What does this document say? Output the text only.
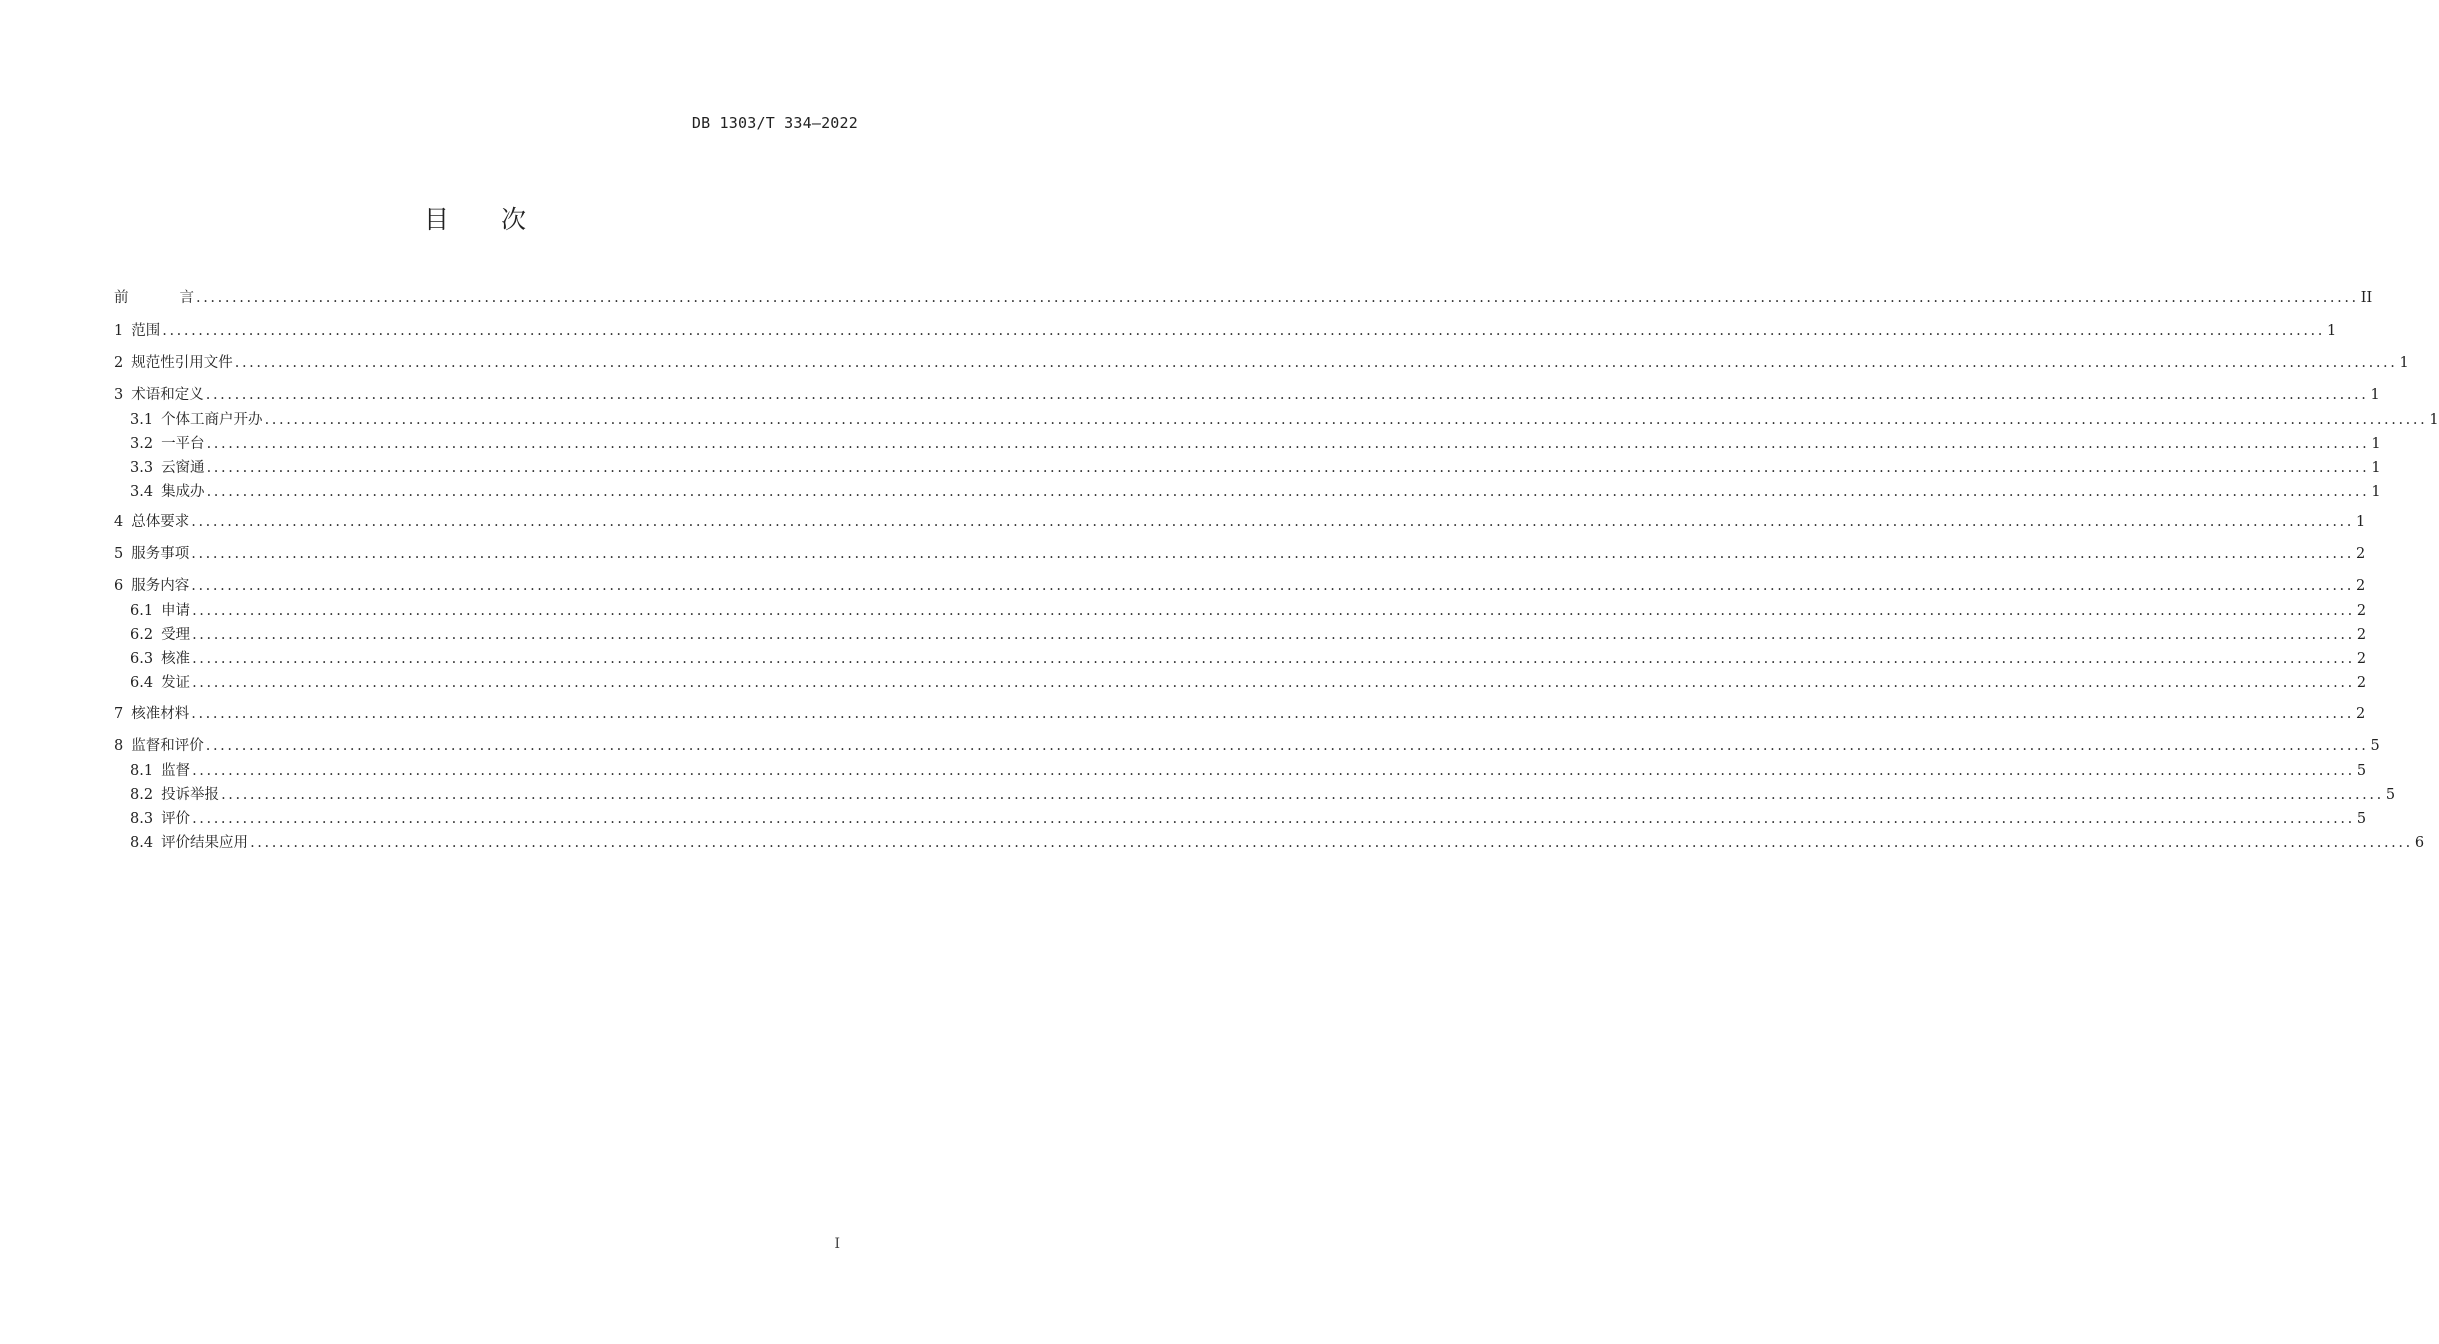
DB 1303/T 334—2022
目 次
前	言 ............................................................................................................................................................................................................................................................................................................ II
1 范围 ............................................................................................................................................................................................................................................................................................................ 1
2 规范性引用文件 ............................................................................................................................................................................................................................................................................................................ 1
3 术语和定义 ............................................................................................................................................................................................................................................................................................................ 1
3.1 个体工商户开办 ............................................................................................................................................................................................................................................................................................................ 1
3.2 一平台 ............................................................................................................................................................................................................................................................................................................ 1
3.3 云窗通 ............................................................................................................................................................................................................................................................................................................ 1
3.4 集成办 ............................................................................................................................................................................................................................................................................................................ 1
4 总体要求 ............................................................................................................................................................................................................................................................................................................ 1
5 服务事项 ............................................................................................................................................................................................................................................................................................................ 2
6 服务内容 ............................................................................................................................................................................................................................................................................................................ 2
6.1 申请 ............................................................................................................................................................................................................................................................................................................ 2
6.2 受理 ............................................................................................................................................................................................................................................................................................................ 2
6.3 核准 ............................................................................................................................................................................................................................................................................................................ 2
6.4 发证 ............................................................................................................................................................................................................................................................................................................ 2
7 核准材料 ............................................................................................................................................................................................................................................................................................................ 2
8 监督和评价 ............................................................................................................................................................................................................................................................................................................ 5
8.1 监督 ............................................................................................................................................................................................................................................................................................................ 5
8.2 投诉举报 ............................................................................................................................................................................................................................................................................................................ 5
8.3 评价 ............................................................................................................................................................................................................................................................................................................ 5
8.4 评价结果应用 ............................................................................................................................................................................................................................................................................................................ 6
I
